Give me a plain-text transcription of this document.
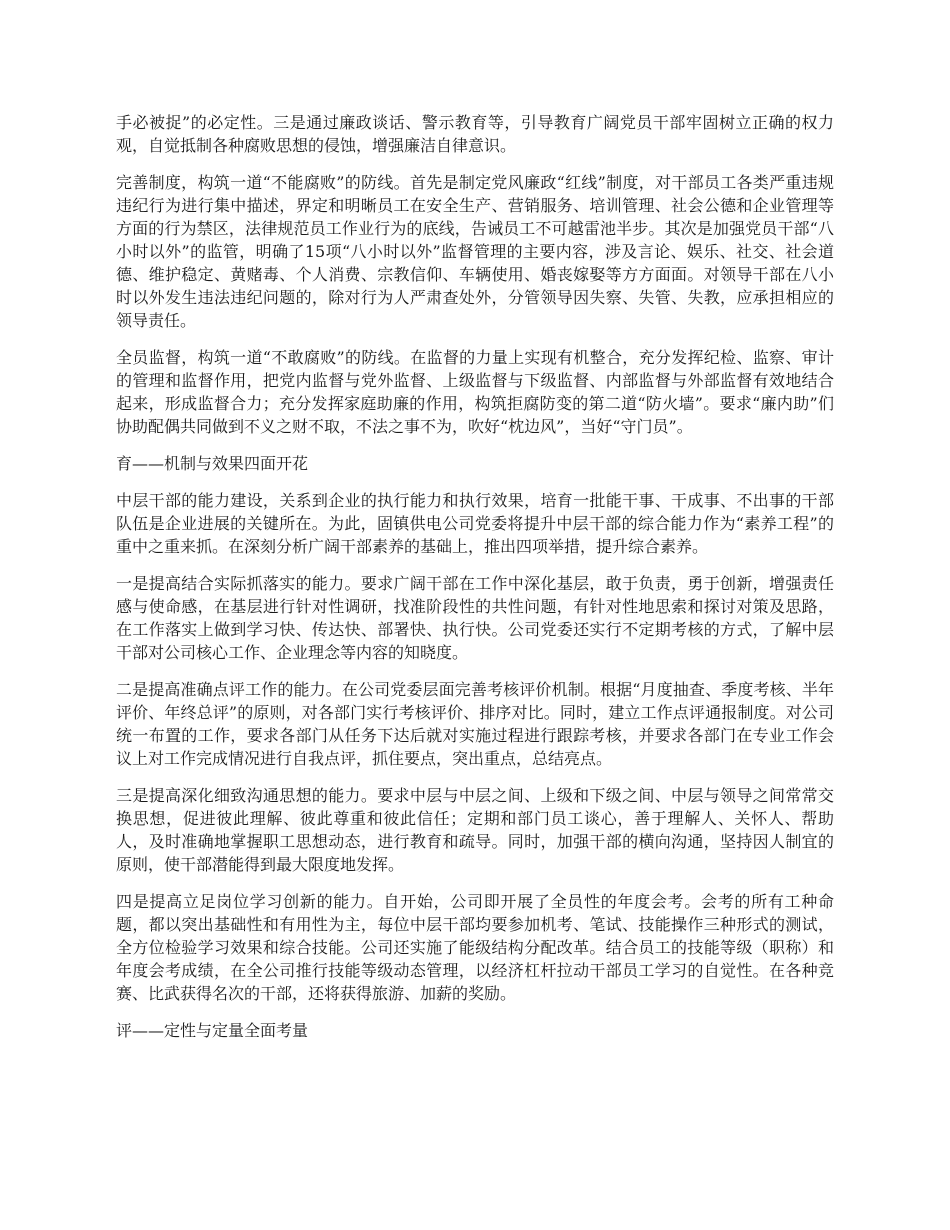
手必被捉”的必定性。三是通过廉政谈话、警示教育等，引导教育广阔党员干部牢固树立正确的权力观，自觉抵制各种腐败思想的侵蚀，增强廉洁自律意识。

完善制度，构筑一道“不能腐败”的防线。首先是制定党风廉政“红线”制度，对干部员工各类严重违规违纪行为进行集中描述，界定和明晰员工在安全生产、营销服务、培训管理、社会公德和企业管理等方面的行为禁区，法律规范员工作业行为的底线，告诫员工不可越雷池半步。其次是加强党员干部“八小时以外”的监管，明确了15项“八小时以外”监督管理的主要内容，涉及言论、娱乐、社交、社会道德、维护稳定、黄赌毒、个人消费、宗教信仰、车辆使用、婚丧嫁娶等方方面面。对领导干部在八小时以外发生违法违纪问题的，除对行为人严肃查处外，分管领导因失察、失管、失教，应承担相应的领导责任。

全员监督，构筑一道“不敢腐败”的防线。在监督的力量上实现有机整合，充分发挥纪检、监察、审计的管理和监督作用，把党内监督与党外监督、上级监督与下级监督、内部监督与外部监督有效地结合起来，形成监督合力；充分发挥家庭助廉的作用，构筑拒腐防变的第二道“防火墙”。要求“廉内助”们协助配偶共同做到不义之财不取，不法之事不为，吹好“枕边风”，当好“守门员”。

育——机制与效果四面开花

中层干部的能力建设，关系到企业的执行能力和执行效果，培育一批能干事、干成事、不出事的干部队伍是企业进展的关键所在。为此，固镇供电公司党委将提升中层干部的综合能力作为“素养工程”的重中之重来抓。在深刻分析广阔干部素养的基础上，推出四项举措，提升综合素养。

一是提高结合实际抓落实的能力。要求广阔干部在工作中深化基层，敢于负责，勇于创新，增强责任感与使命感，在基层进行针对性调研，找准阶段性的共性问题，有针对性地思索和探讨对策及思路，在工作落实上做到学习快、传达快、部署快、执行快。公司党委还实行不定期考核的方式，了解中层干部对公司核心工作、企业理念等内容的知晓度。

二是提高准确点评工作的能力。在公司党委层面完善考核评价机制。根据“月度抽查、季度考核、半年评价、年终总评”的原则，对各部门实行考核评价、排序对比。同时，建立工作点评通报制度。对公司统一布置的工作，要求各部门从任务下达后就对实施过程进行跟踪考核，并要求各部门在专业工作会议上对工作完成情况进行自我点评，抓住要点，突出重点，总结亮点。

三是提高深化细致沟通思想的能力。要求中层与中层之间、上级和下级之间、中层与领导之间常常交换思想，促进彼此理解、彼此尊重和彼此信任；定期和部门员工谈心，善于理解人、关怀人、帮助人，及时准确地掌握职工思想动态，进行教育和疏导。同时，加强干部的横向沟通，坚持因人制宜的原则，使干部潜能得到最大限度地发挥。

四是提高立足岗位学习创新的能力。自开始，公司即开展了全员性的年度会考。会考的所有工种命题，都以突出基础性和有用性为主，每位中层干部均要参加机考、笔试、技能操作三种形式的测试，全方位检验学习效果和综合技能。公司还实施了能级结构分配改革。结合员工的技能等级（职称）和年度会考成绩，在全公司推行技能等级动态管理，以经济杠杆拉动干部员工学习的自觉性。在各种竞赛、比武获得名次的干部，还将获得旅游、加薪的奖励。

评——定性与定量全面考量
